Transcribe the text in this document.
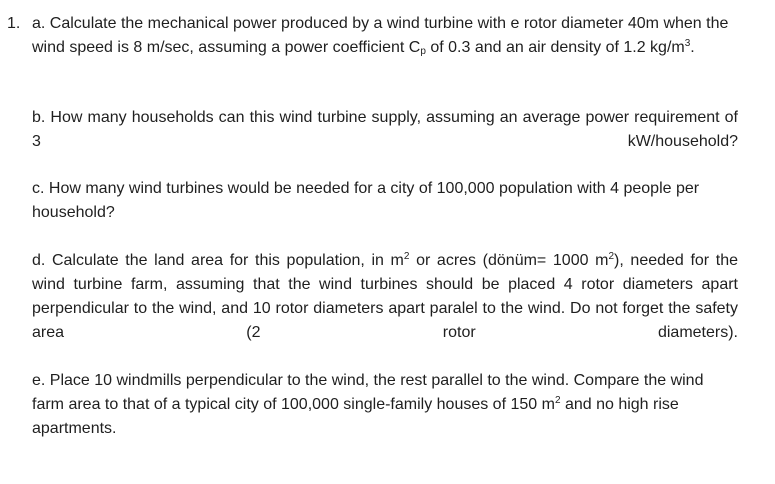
1. a. Calculate the mechanical power produced by a wind turbine with e rotor diameter 40m when the wind speed is 8 m/sec, assuming a power coefficient $C_p$ of 0.3 and an air density of 1.2 $kg/m^3$.

b. How many households can this wind turbine supply, assuming an average power requirement of 3 kW/household?

c. How many wind turbines would be needed for a city of 100,000 population with 4 people per household?

d. Calculate the land area for this population, in $m^2$ or acres (dönüm= 1000 $m^2$), needed for the wind turbine farm, assuming that the wind turbines should be placed 4 rotor diameters apart perpendicular to the wind, and 10 rotor diameters apart paralel to the wind. Do not forget the safety area (2 rotor diameters).

e. Place 10 windmills perpendicular to the wind, the rest parallel to the wind. Compare the wind farm area to that of a typical city of 100,000 single-family houses of 150 $m^2$ and no high rise apartments.
